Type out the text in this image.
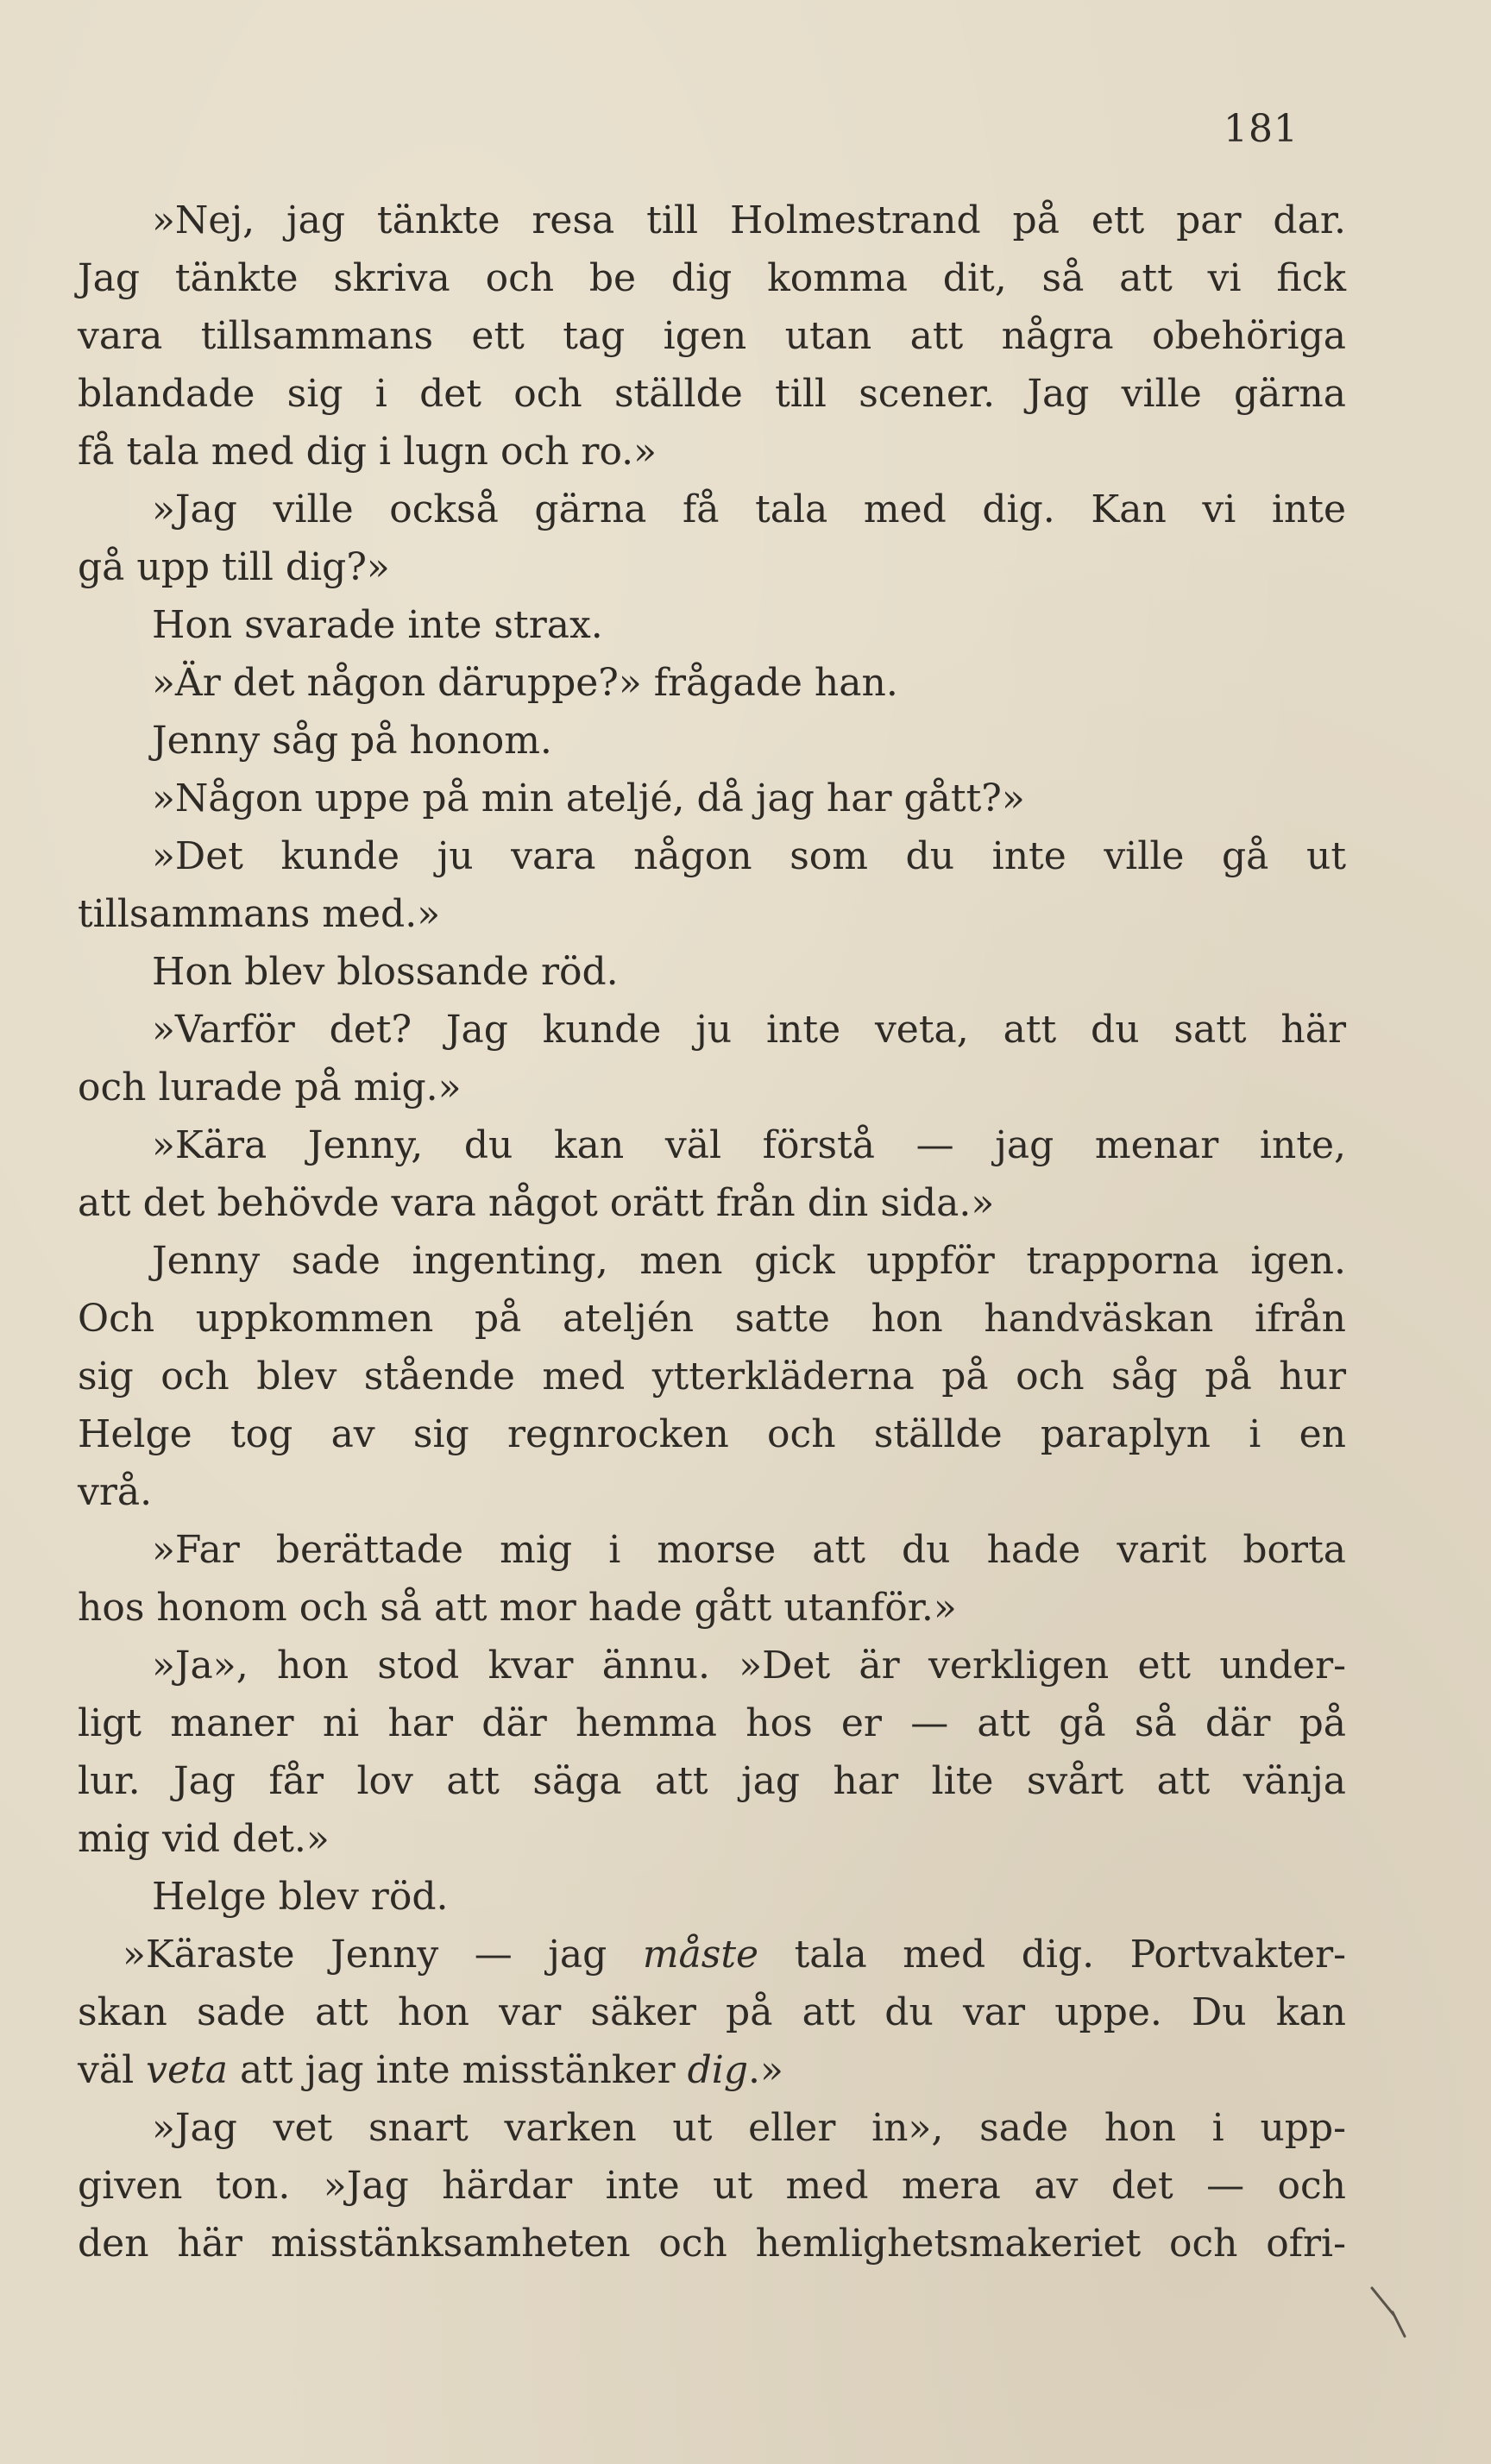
181
»Nej, jag tänkte resa till Holmestrand på ett par dar.
Jag tänkte skriva och be dig komma dit, så att vi fick
vara tillsammans ett tag igen utan att några obehöriga
blandade sig i det och ställde till scener. Jag ville gärna
få tala med dig i lugn och ro.»
»Jag ville också gärna få tala med dig. Kan vi inte
gå upp till dig?»
Hon svarade inte strax.
»Är det någon däruppe?» frågade han.
Jenny såg på honom.
»Någon uppe på min ateljé, då jag har gått?»
»Det kunde ju vara någon som du inte ville gå ut
tillsammans med.»
Hon blev blossande röd.
»Varför det? Jag kunde ju inte veta, att du satt här
och lurade på mig.»
»Kära Jenny, du kan väl förstå — jag menar inte,
att det behövde vara något orätt från din sida.»
Jenny sade ingenting, men gick uppför trapporna igen.
Och uppkommen på ateljén satte hon handväskan ifrån
sig och blev stående med ytterkläderna på och såg på hur
Helge tog av sig regnrocken och ställde paraplyn i en
vrå.
»Far berättade mig i morse att du hade varit borta
hos honom och så att mor hade gått utanför.»
»Ja», hon stod kvar ännu. »Det är verkligen ett under-
ligt maner ni har där hemma hos er — att gå så där på
lur. Jag får lov att säga att jag har lite svårt att vänja
mig vid det.»
Helge blev röd.
»Käraste Jenny — jag måste tala med dig. Portvakter-
skan sade att hon var säker på att du var uppe. Du kan
väl veta att jag inte misstänker dig.»
»Jag vet snart varken ut eller in», sade hon i upp-
given ton. »Jag härdar inte ut med mera av det — och
den här misstänksamheten och hemlighetsmakeriet och ofri-
